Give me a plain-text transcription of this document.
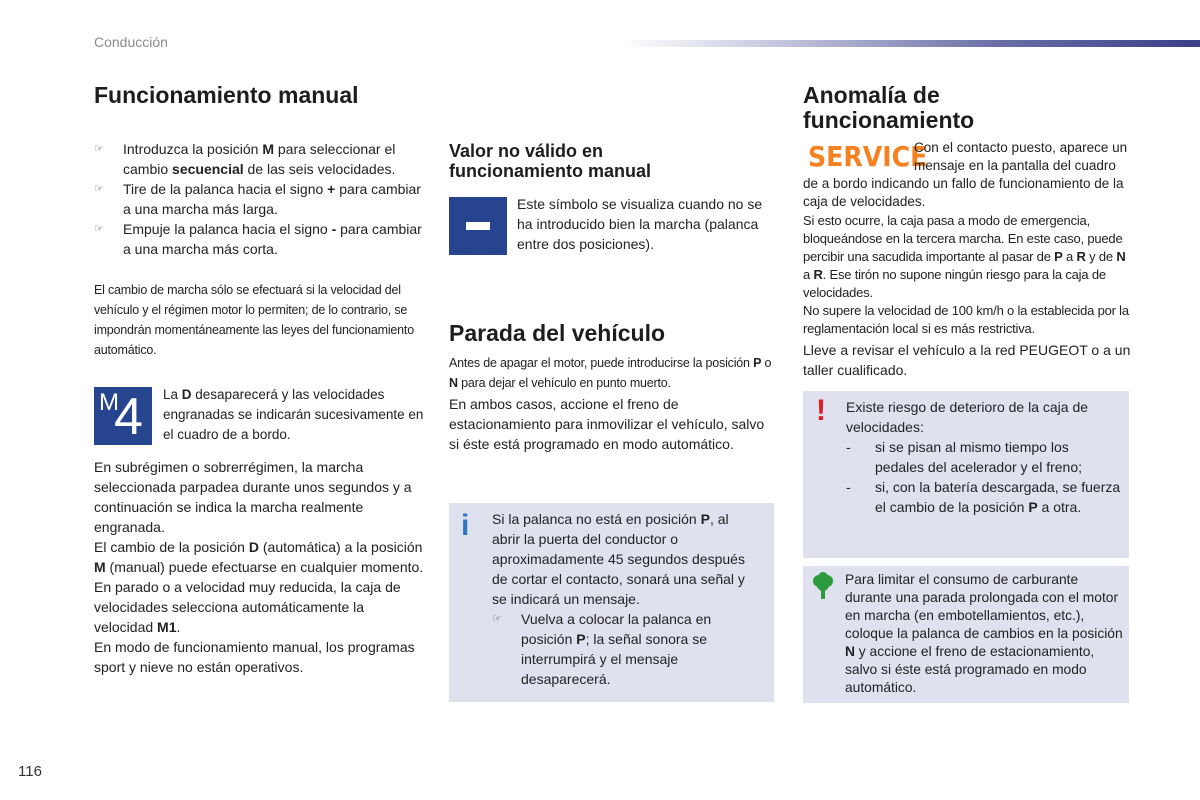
Conducción
Funcionamiento manual
☞ Introduzca la posición M para seleccionar el cambio secuencial de las seis velocidades.
☞ Tire de la palanca hacia el signo + para cambiar a una marcha más larga.
☞ Empuje la palanca hacia el signo - para cambiar a una marcha más corta.
El cambio de marcha sólo se efectuará si la velocidad del vehículo y el régimen motor lo permiten; de lo contrario, se impondrán momentáneamente las leyes del funcionamiento automático.
M
4 La D desaparecerá y las velocidades engranadas se indicarán sucesivamente en el cuadro de a bordo.

En subrégimen o sobrerrégimen, la marcha seleccionada parpadea durante unos segundos y a continuación se indica la marcha realmente engranada.

El cambio de la posición D (automática) a la posición M (manual) puede efectuarse en cualquier momento.

En parado o a velocidad muy reducida, la caja de velocidades selecciona automáticamente la velocidad M1.

En modo de funcionamiento manual, los programas sport y nieve no están operativos.

Valor no válido en
funcionamiento manual
Este símbolo se visualiza cuando no se ha introducido bien la marcha (palanca entre dos posiciones).
Parada del vehículo
Antes de apagar el motor, puede introducirse la posición P o N para dejar el vehículo en punto muerto.
En ambos casos, accione el freno de estacionamiento para inmovilizar el vehículo, salvo si éste está programado en modo automático.
i Si la palanca no está en posición P, al abrir la puerta del conductor o aproximadamente 45 segundos después de cortar el contacto, sonará una señal y se indicará un mensaje.
☞ Vuelva a colocar la palanca en posición P; la señal sonora se interrumpirá y el mensaje desaparecerá.
Anomalía de
funcionamiento
SERVICE
Con el contacto puesto, aparece un mensaje en la pantalla del cuadro de a bordo indicando un fallo de funcionamiento de la caja de velocidades.

Si esto ocurre, la caja pasa a modo de emergencia, bloqueándose en la tercera marcha. En este caso, puede percibir una sacudida importante al pasar de P a R y de N a R. Ese tirón no supone ningún riesgo para la caja de velocidades.

No supere la velocidad de 100 km/h o la establecida por la reglamentación local si es más restrictiva.

Lleve a revisar el vehículo a la red PEUGEOT o a un taller cualificado.
! Existe riesgo de deterioro de la caja de velocidades:

- si se pisan al mismo tiempo los pedales del acelerador y el freno;
- si, con la batería descargada, se fuerza el cambio de la posición P a otra.
Para limitar el consumo de carburante durante una parada prolongada con el motor en marcha (en embotellamientos, etc.), coloque la palanca de cambios en la posición N y accione el freno de estacionamiento, salvo si éste está programado en modo automático.
116
